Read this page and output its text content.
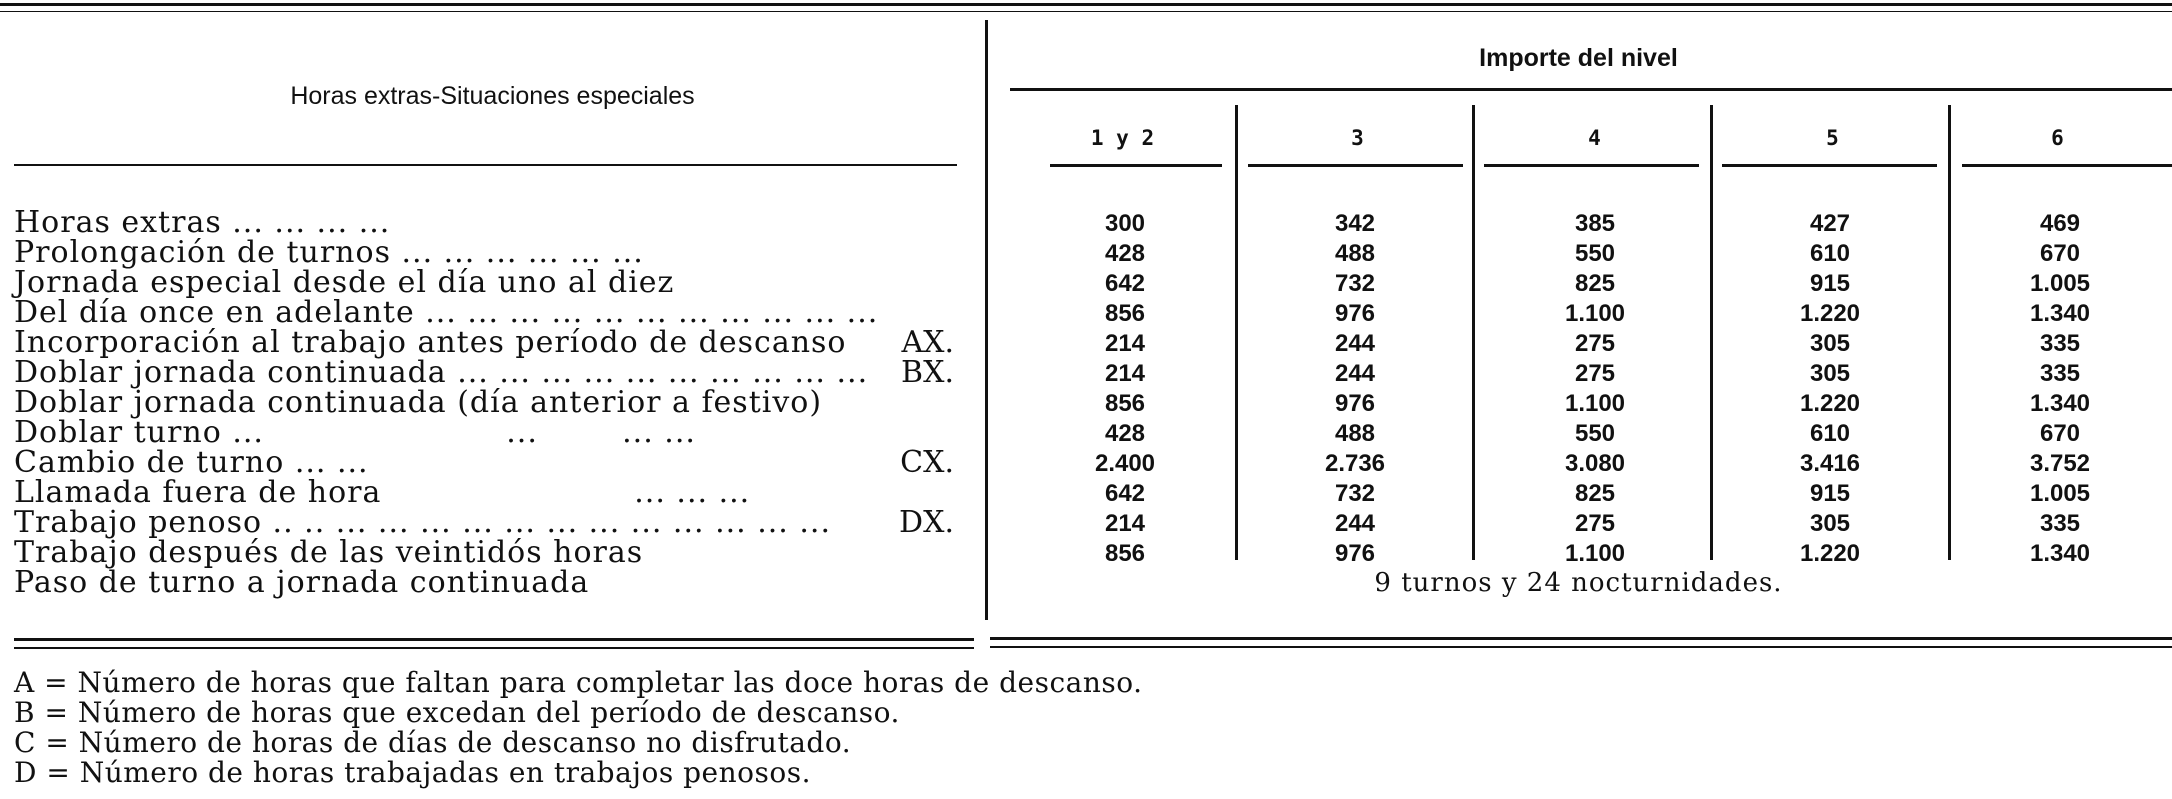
Horas extras-Situaciones especiales
Importe del nivel
1 y 2	3	4	5	6
Horas extras ... ... ... ...	300	342	385	427	469
Prolongación de turnos ... ... ... ... ... ...	428	488	550	610	670
Jornada especial desde el día uno al diez	642	732	825	915	1.005
Del día once en adelante ... ... ... ... ... ... ... ... ... ... ...	856	976	1.100	1.220	1.340
Incorporación al trabajo antes período de descanso AX.	214	244	275	305	335
Doblar jornada continuada ... ... ... ... ... ... ... ... ... ... BX.	214	244	275	305	335
Doblar jornada continuada (día anterior a festivo)	856	976	1.100	1.220	1.340
Doblar turno ...                       ...        ... ...	428	488	550	610	670
Cambio de turno ... ...	CX.	2.400	2.736	3.080	3.416	3.752
Llamada fuera de hora                        ... ... ...	642	732	825	915	1.005
Trabajo penoso .. .. ... ... ... ... ... ... ... ... ... ... ... ... DX.	214	244	275	305	335
Trabajo después de las veintidós horas	856	976	1.100	1.220	1.340
Paso de turno a jornada continuada	9 turnos y 24 nocturnidades.
A = Número de horas que faltan para completar las doce horas de descanso.
B = Número de horas que excedan del período de descanso.
C = Número de horas de días de descanso no disfrutado.
D = Número de horas trabajadas en trabajos penosos.
